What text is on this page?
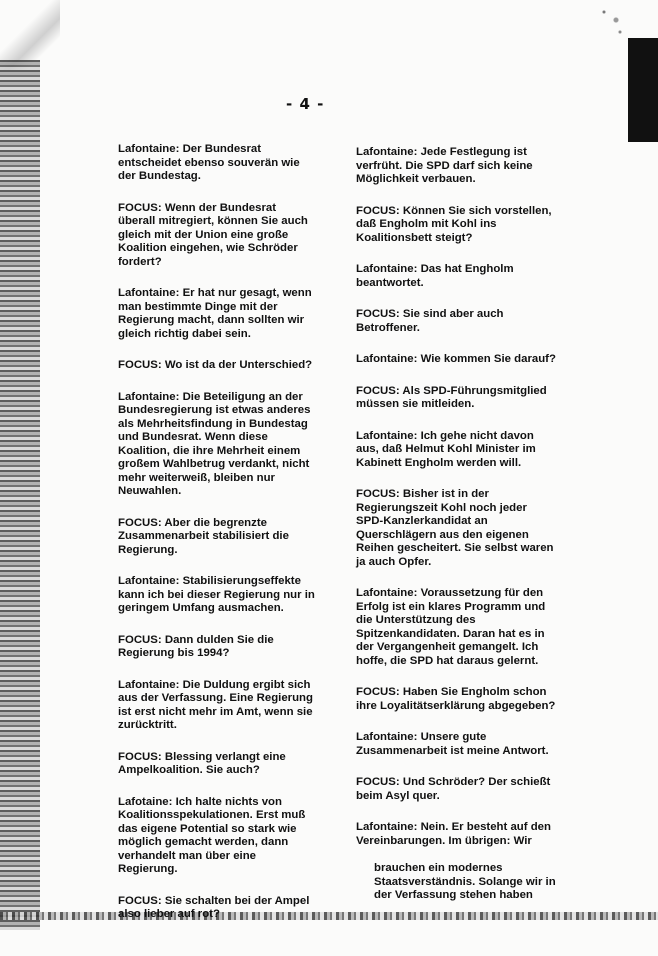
- 4 -

Lafontaine: Der Bundesrat
entscheidet ebenso souverän wie
der Bundestag.

FOCUS: Wenn der Bundesrat
überall mitregiert, können Sie auch
gleich mit der Union eine große
Koalition eingehen, wie Schröder
fordert?

Lafontaine: Er hat nur gesagt, wenn
man bestimmte Dinge mit der
Regierung macht, dann sollten wir
gleich richtig dabei sein.

FOCUS: Wo ist da der Unterschied?

Lafontaine: Die Beteiligung an der
Bundesregierung ist etwas anderes
als Mehrheitsfindung in Bundestag
und Bundesrat. Wenn diese
Koalition, die ihre Mehrheit einem
großem Wahlbetrug verdankt, nicht
mehr weiterweiß, bleiben nur
Neuwahlen.

FOCUS: Aber die begrenzte
Zusammenarbeit stabilisiert die
Regierung.

Lafontaine: Stabilisierungseffekte
kann ich bei dieser Regierung nur in
geringem Umfang ausmachen.

FOCUS: Dann dulden Sie die
Regierung bis 1994?

Lafontaine: Die Duldung ergibt sich
aus der Verfassung. Eine Regierung
ist erst nicht mehr im Amt, wenn sie
zurücktritt.

FOCUS: Blessing verlangt eine
Ampelkoalition. Sie auch?

Lafotaine: Ich halte nichts von
Koalitionsspekulationen. Erst muß
das eigene Potential so stark wie
möglich gemacht werden, dann
verhandelt man über eine
Regierung.

FOCUS: Sie schalten bei der Ampel
also lieber auf rot?

Lafontaine: Jede Festlegung ist
verfrüht. Die SPD darf sich keine
Möglichkeit verbauen.

FOCUS: Können Sie sich vorstellen,
daß Engholm mit Kohl ins
Koalitionsbett steigt?

Lafontaine: Das hat Engholm
beantwortet.

FOCUS: Sie sind aber auch
Betroffener.

Lafontaine: Wie kommen Sie darauf?

FOCUS: Als SPD-Führungsmitglied
müssen sie mitleiden.

Lafontaine: Ich gehe nicht davon
aus, daß Helmut Kohl Minister im
Kabinett Engholm werden will.

FOCUS: Bisher ist in der
Regierungszeit Kohl noch jeder
SPD-Kanzlerkandidat an
Querschlägern aus den eigenen
Reihen gescheitert. Sie selbst waren
ja auch Opfer.

Lafontaine: Voraussetzung für den
Erfolg ist ein klares Programm und
die Unterstützung des
Spitzenkandidaten. Daran hat es in
der Vergangenheit gemangelt. Ich
hoffe, die SPD hat daraus gelernt.

FOCUS: Haben Sie Engholm schon
ihre Loyalitätserklärung abgegeben?

Lafontaine: Unsere gute
Zusammenarbeit ist meine Antwort.

FOCUS: Und Schröder? Der schießt
beim Asyl quer.

Lafontaine: Nein. Er besteht auf den
Vereinbarungen. Im übrigen: Wir

brauchen ein modernes
Staatsverständnis. Solange wir in
der Verfassung stehen haben
